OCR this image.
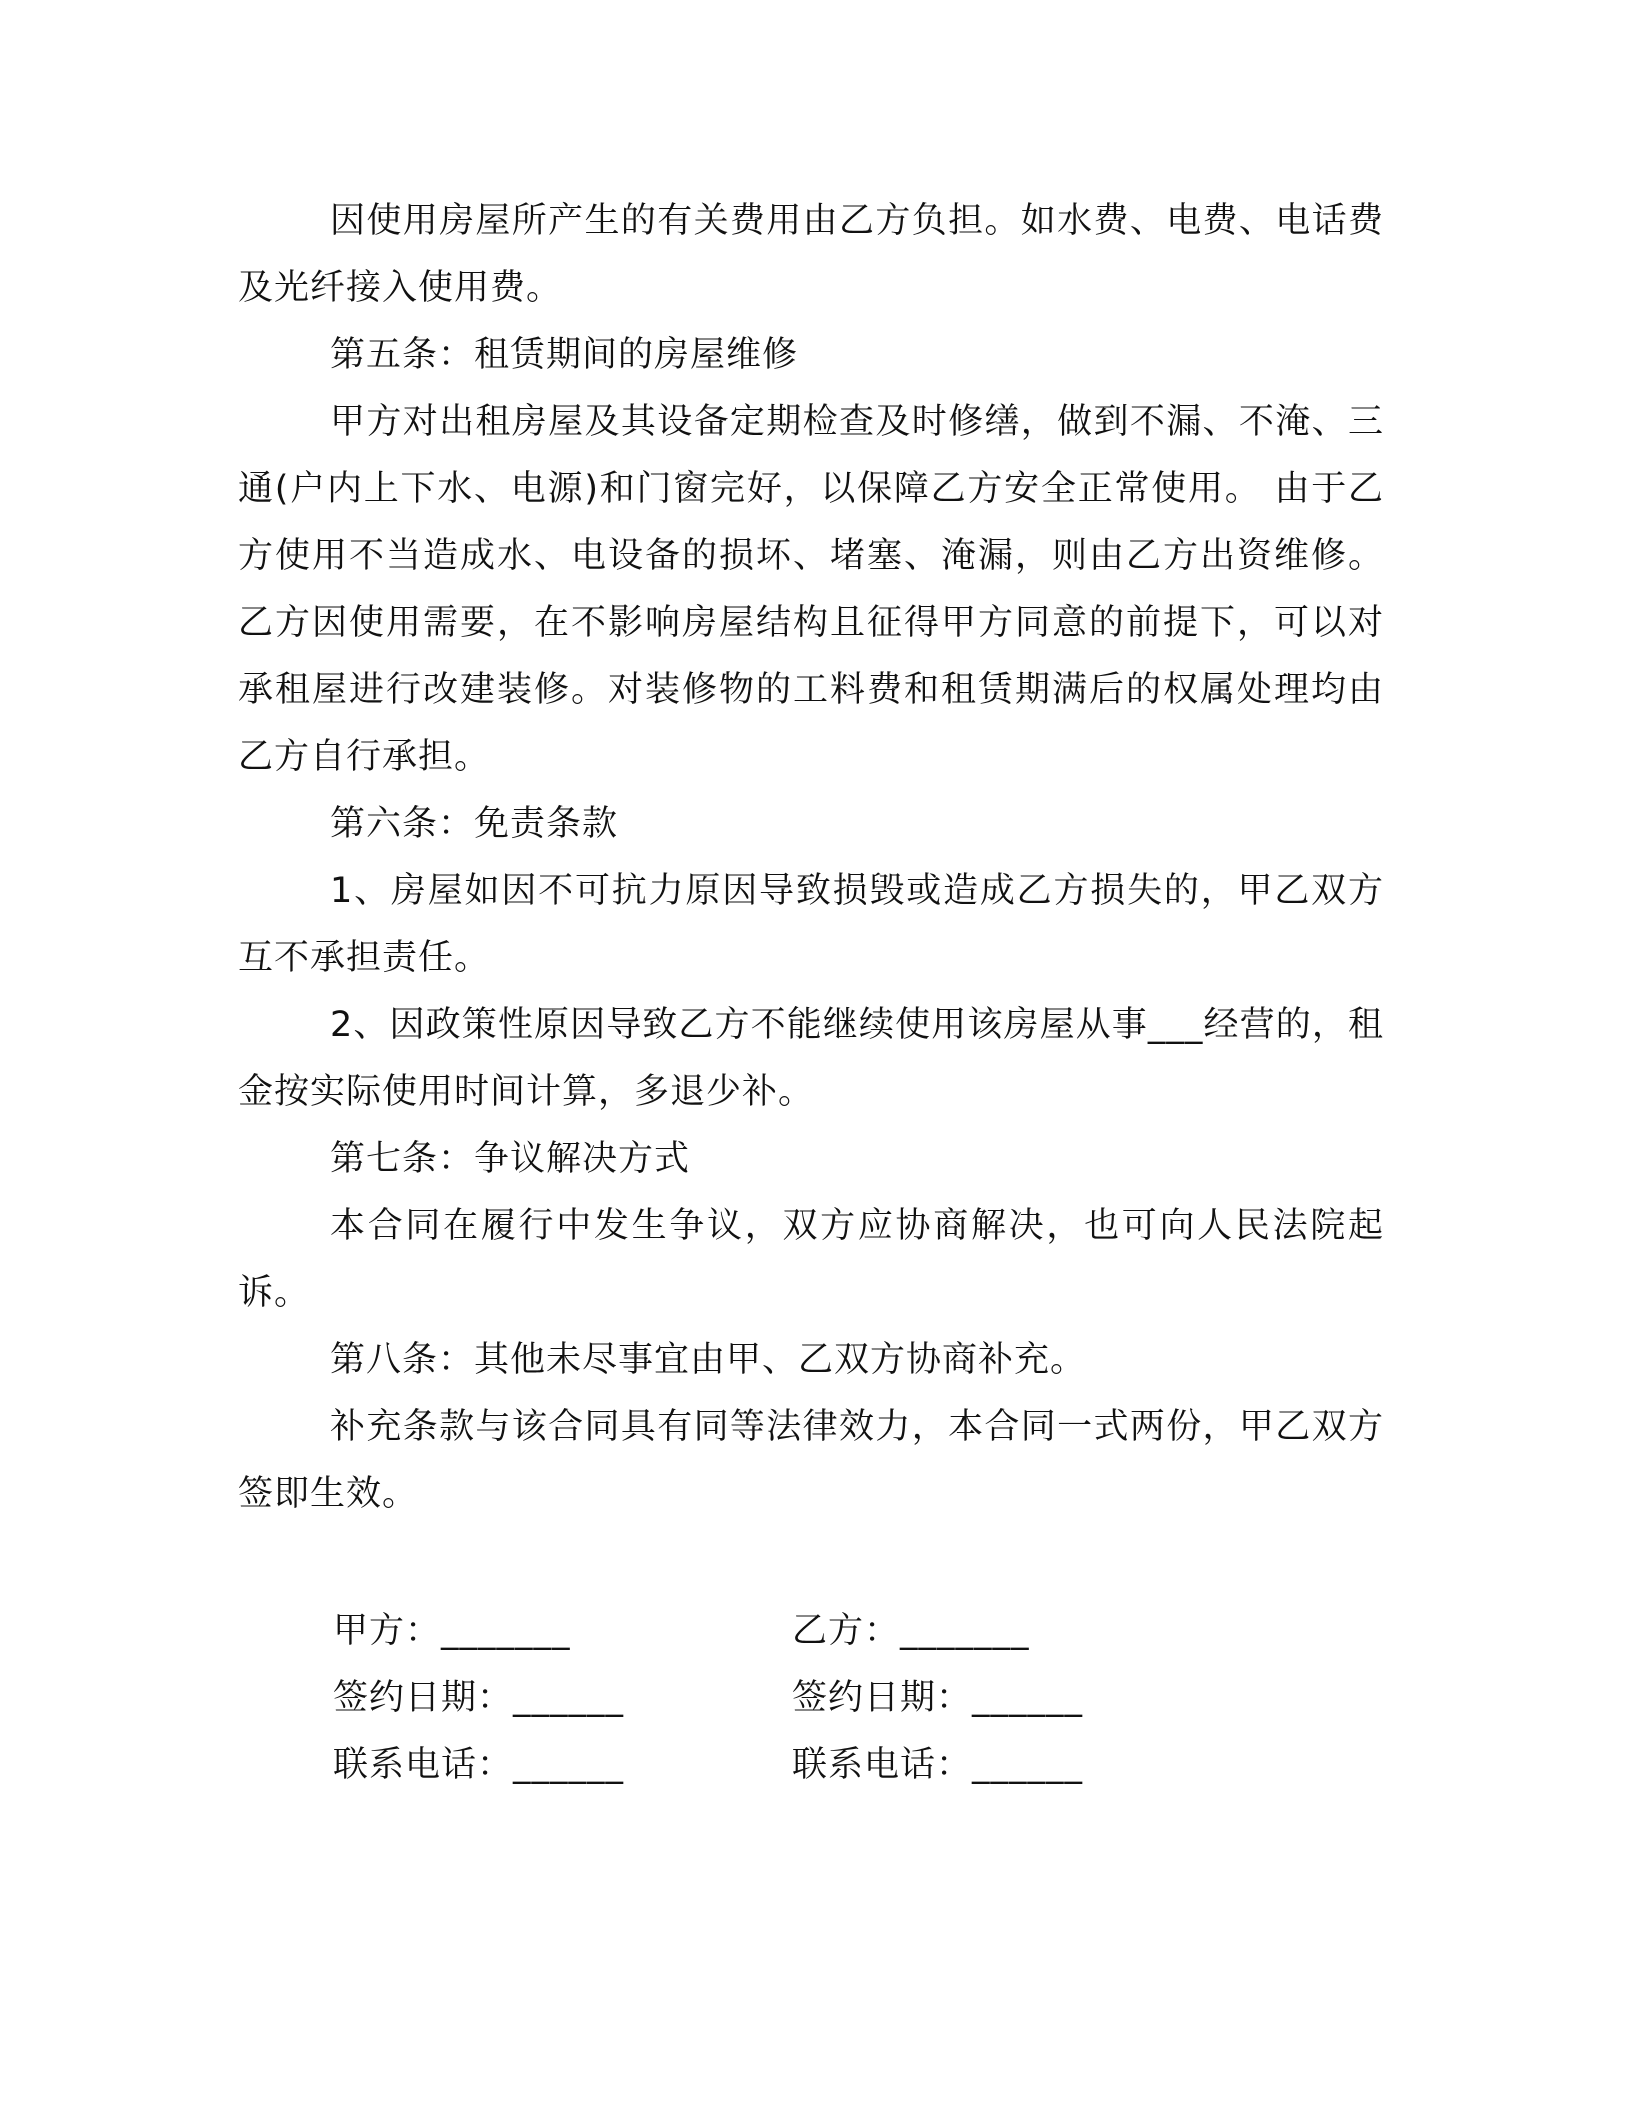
因使用房屋所产生的有关费用由乙方负担。如水费、电费、电话费及光纤接入使用费。

第五条：租赁期间的房屋维修

甲方对出租房屋及其设备定期检查及时修缮，做到不漏、不淹、三通(户内上下水、电源)和门窗完好，以保障乙方安全正常使用。 由于乙方使用不当造成水、电设备的损坏、堵塞、淹漏，则由乙方出资维修。 乙方因使用需要，在不影响房屋结构且征得甲方同意的前提下，可以对承租屋进行改建装修。对装修物的工料费和租赁期满后的权属处理均由乙方自行承担。

第六条：免责条款

1、房屋如因不可抗力原因导致损毁或造成乙方损失的，甲乙双方互不承担责任。

2、因政策性原因导致乙方不能继续使用该房屋从事___经营的，租金按实际使用时间计算，多退少补。

第七条：争议解决方式

本合同在履行中发生争议，双方应协商解决，也可向人民法院起诉。

第八条：其他未尽事宜由甲、乙双方协商补充。

补充条款与该合同具有同等法律效力，本合同一式两份，甲乙双方签即生效。

甲方：_______

签约日期：______

联系电话：______

乙方：_______

签约日期：______

联系电话：______
